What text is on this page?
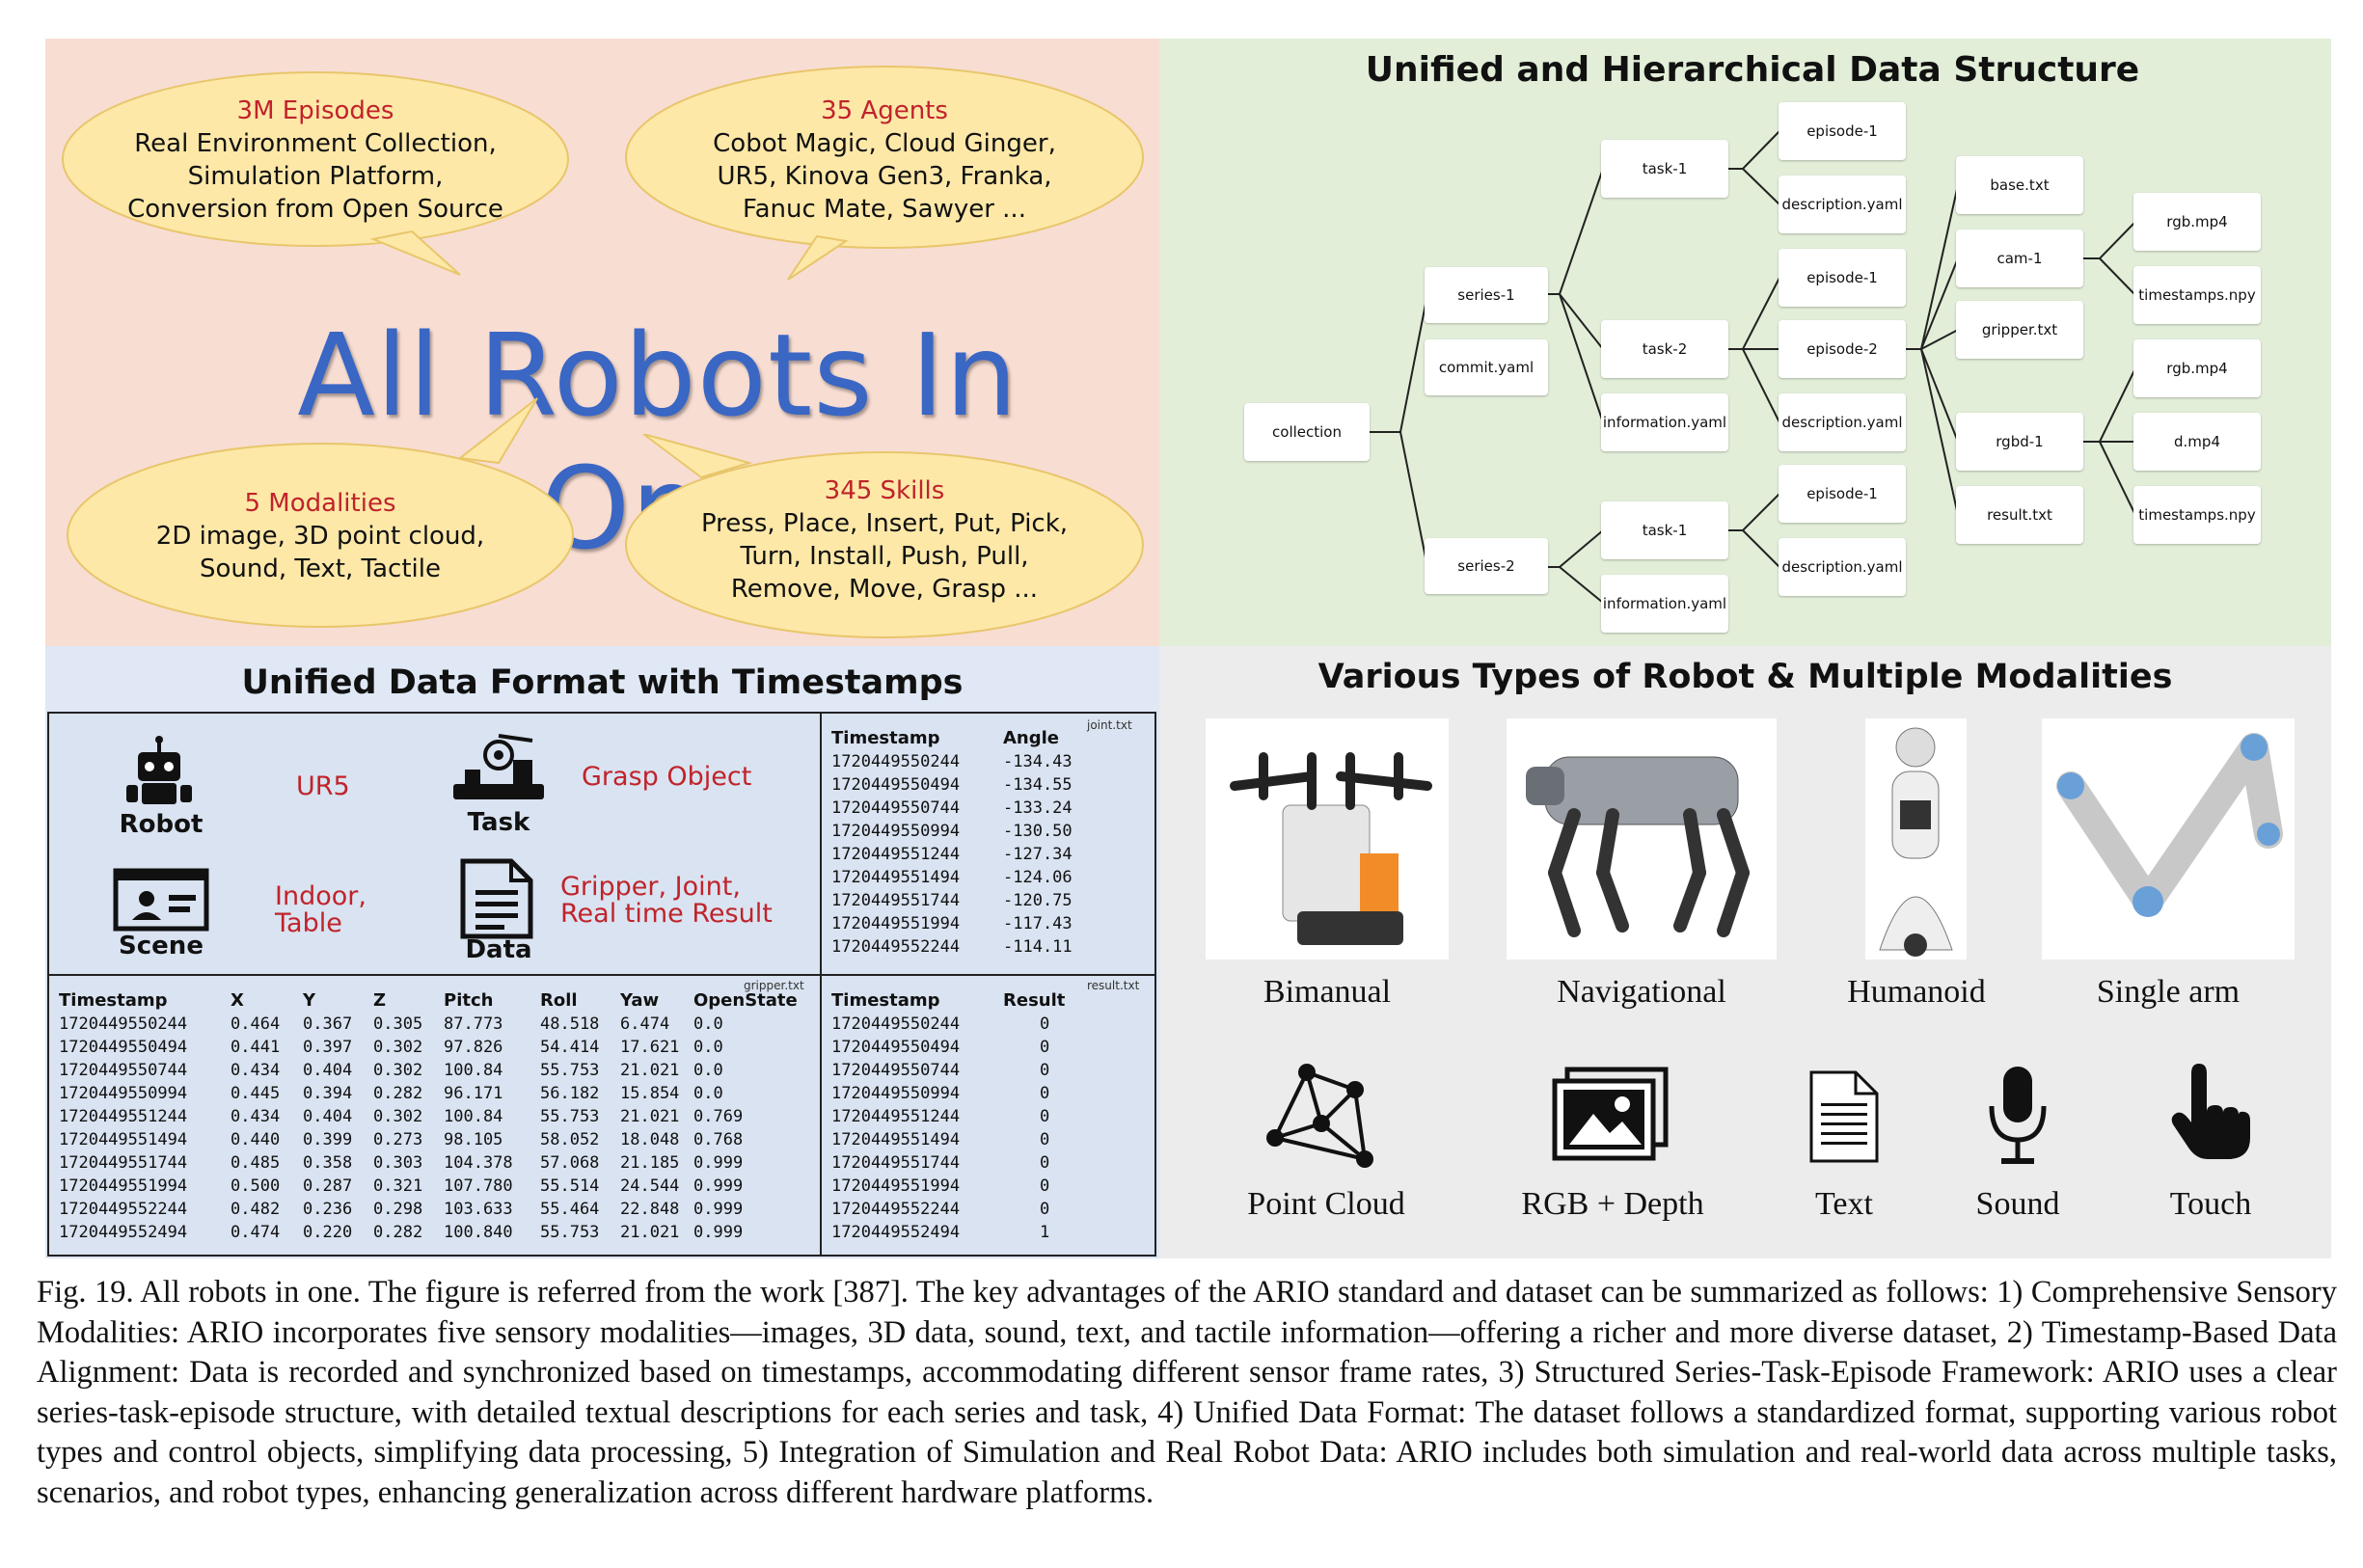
3M Episodes
Real Environment Collection,
Simulation Platform,
Conversion from Open Source
35 Agents
Cobot Magic, Cloud Ginger,
UR5, Kinova Gen3, Franka,
Fanuc Mate, Sawyer ...
All Robots In
5 Modalities
2D image, 3D point cloud,
Sound, Text, Tactile
345 Skills
Press, Place, Insert, Put, Pick,
Turn, Install, Push, Pull,
Remove, Move, Grasp ...
Unified and Hierarchical Data Structure
collection
series-1
commit.yaml
series-2
task-1
task-2
information.yaml
task-1
information.yaml
episode-1
description.yaml
episode-1
episode-2
description.yaml
episode-1
description.yaml
base.txt
cam-1
gripper.txt
rgbd-1
result.txt
rgb.mp4
timestamps.npy
rgb.mp4
d.mp4
timestamps.npy
Unified Data Format with Timestamps
Robot
UR5
Task
Grasp Object
Scene
Indoor,
Table
Data
Gripper, Joint,
Real time Result
joint.txt
Timestamp	Angle
1720449550244	-134.43
1720449550494	-134.55
1720449550744	-133.24
1720449550994	-130.50
1720449551244	-127.34
1720449551494	-124.06
1720449551744	-120.75
1720449551994	-117.43
1720449552244	-114.11
gripper.txt
Timestamp	X	Y	Z	Pitch	Roll	Yaw	OpenState
1720449550244	0.464	0.367	0.305	87.773	48.518	6.474	0.0
1720449550494	0.441	0.397	0.302	97.826	54.414	17.621	0.0
1720449550744	0.434	0.404	0.302	100.84	55.753	21.021	0.0
1720449550994	0.445	0.394	0.282	96.171	56.182	15.854	0.0
1720449551244	0.434	0.404	0.302	100.84	55.753	21.021	0.769
1720449551494	0.440	0.399	0.273	98.105	58.052	18.048	0.768
1720449551744	0.485	0.358	0.303	104.378	57.068	21.185	0.999
1720449551994	0.500	0.287	0.321	107.780	55.514	24.544	0.999
1720449552244	0.482	0.236	0.298	103.633	55.464	22.848	0.999
1720449552494	0.474	0.220	0.282	100.840	55.753	21.021	0.999
result.txt
Timestamp	Result
1720449550244	0
1720449550494	0
1720449550744	0
1720449550994	0
1720449551244	0
1720449551494	0
1720449551744	0
1720449551994	0
1720449552244	0
1720449552494	1
Various Types of Robot & Multiple Modalities
Bimanual	Navigational	Humanoid	Single arm
Point Cloud	RGB + Depth	Text	Sound	Touch
Fig. 19. All robots in one. The figure is referred from the work [387]. The key advantages of the ARIO standard and dataset can be summarized as follows: 1) Comprehensive Sensory Modalities: ARIO incorporates five sensory modalities—images, 3D data, sound, text, and tactile information—offering a richer and more diverse dataset, 2) Timestamp-Based Data Alignment: Data is recorded and synchronized based on timestamps, accommodating different sensor frame rates, 3) Structured Series-Task-Episode Framework: ARIO uses a clear series-task-episode structure, with detailed textual descriptions for each series and task, 4) Unified Data Format: The dataset follows a standardized format, supporting various robot types and control objects, simplifying data processing, 5) Integration of Simulation and Real Robot Data: ARIO includes both simulation and real-world data across multiple tasks, scenarios, and robot types, enhancing generalization across different hardware platforms.
